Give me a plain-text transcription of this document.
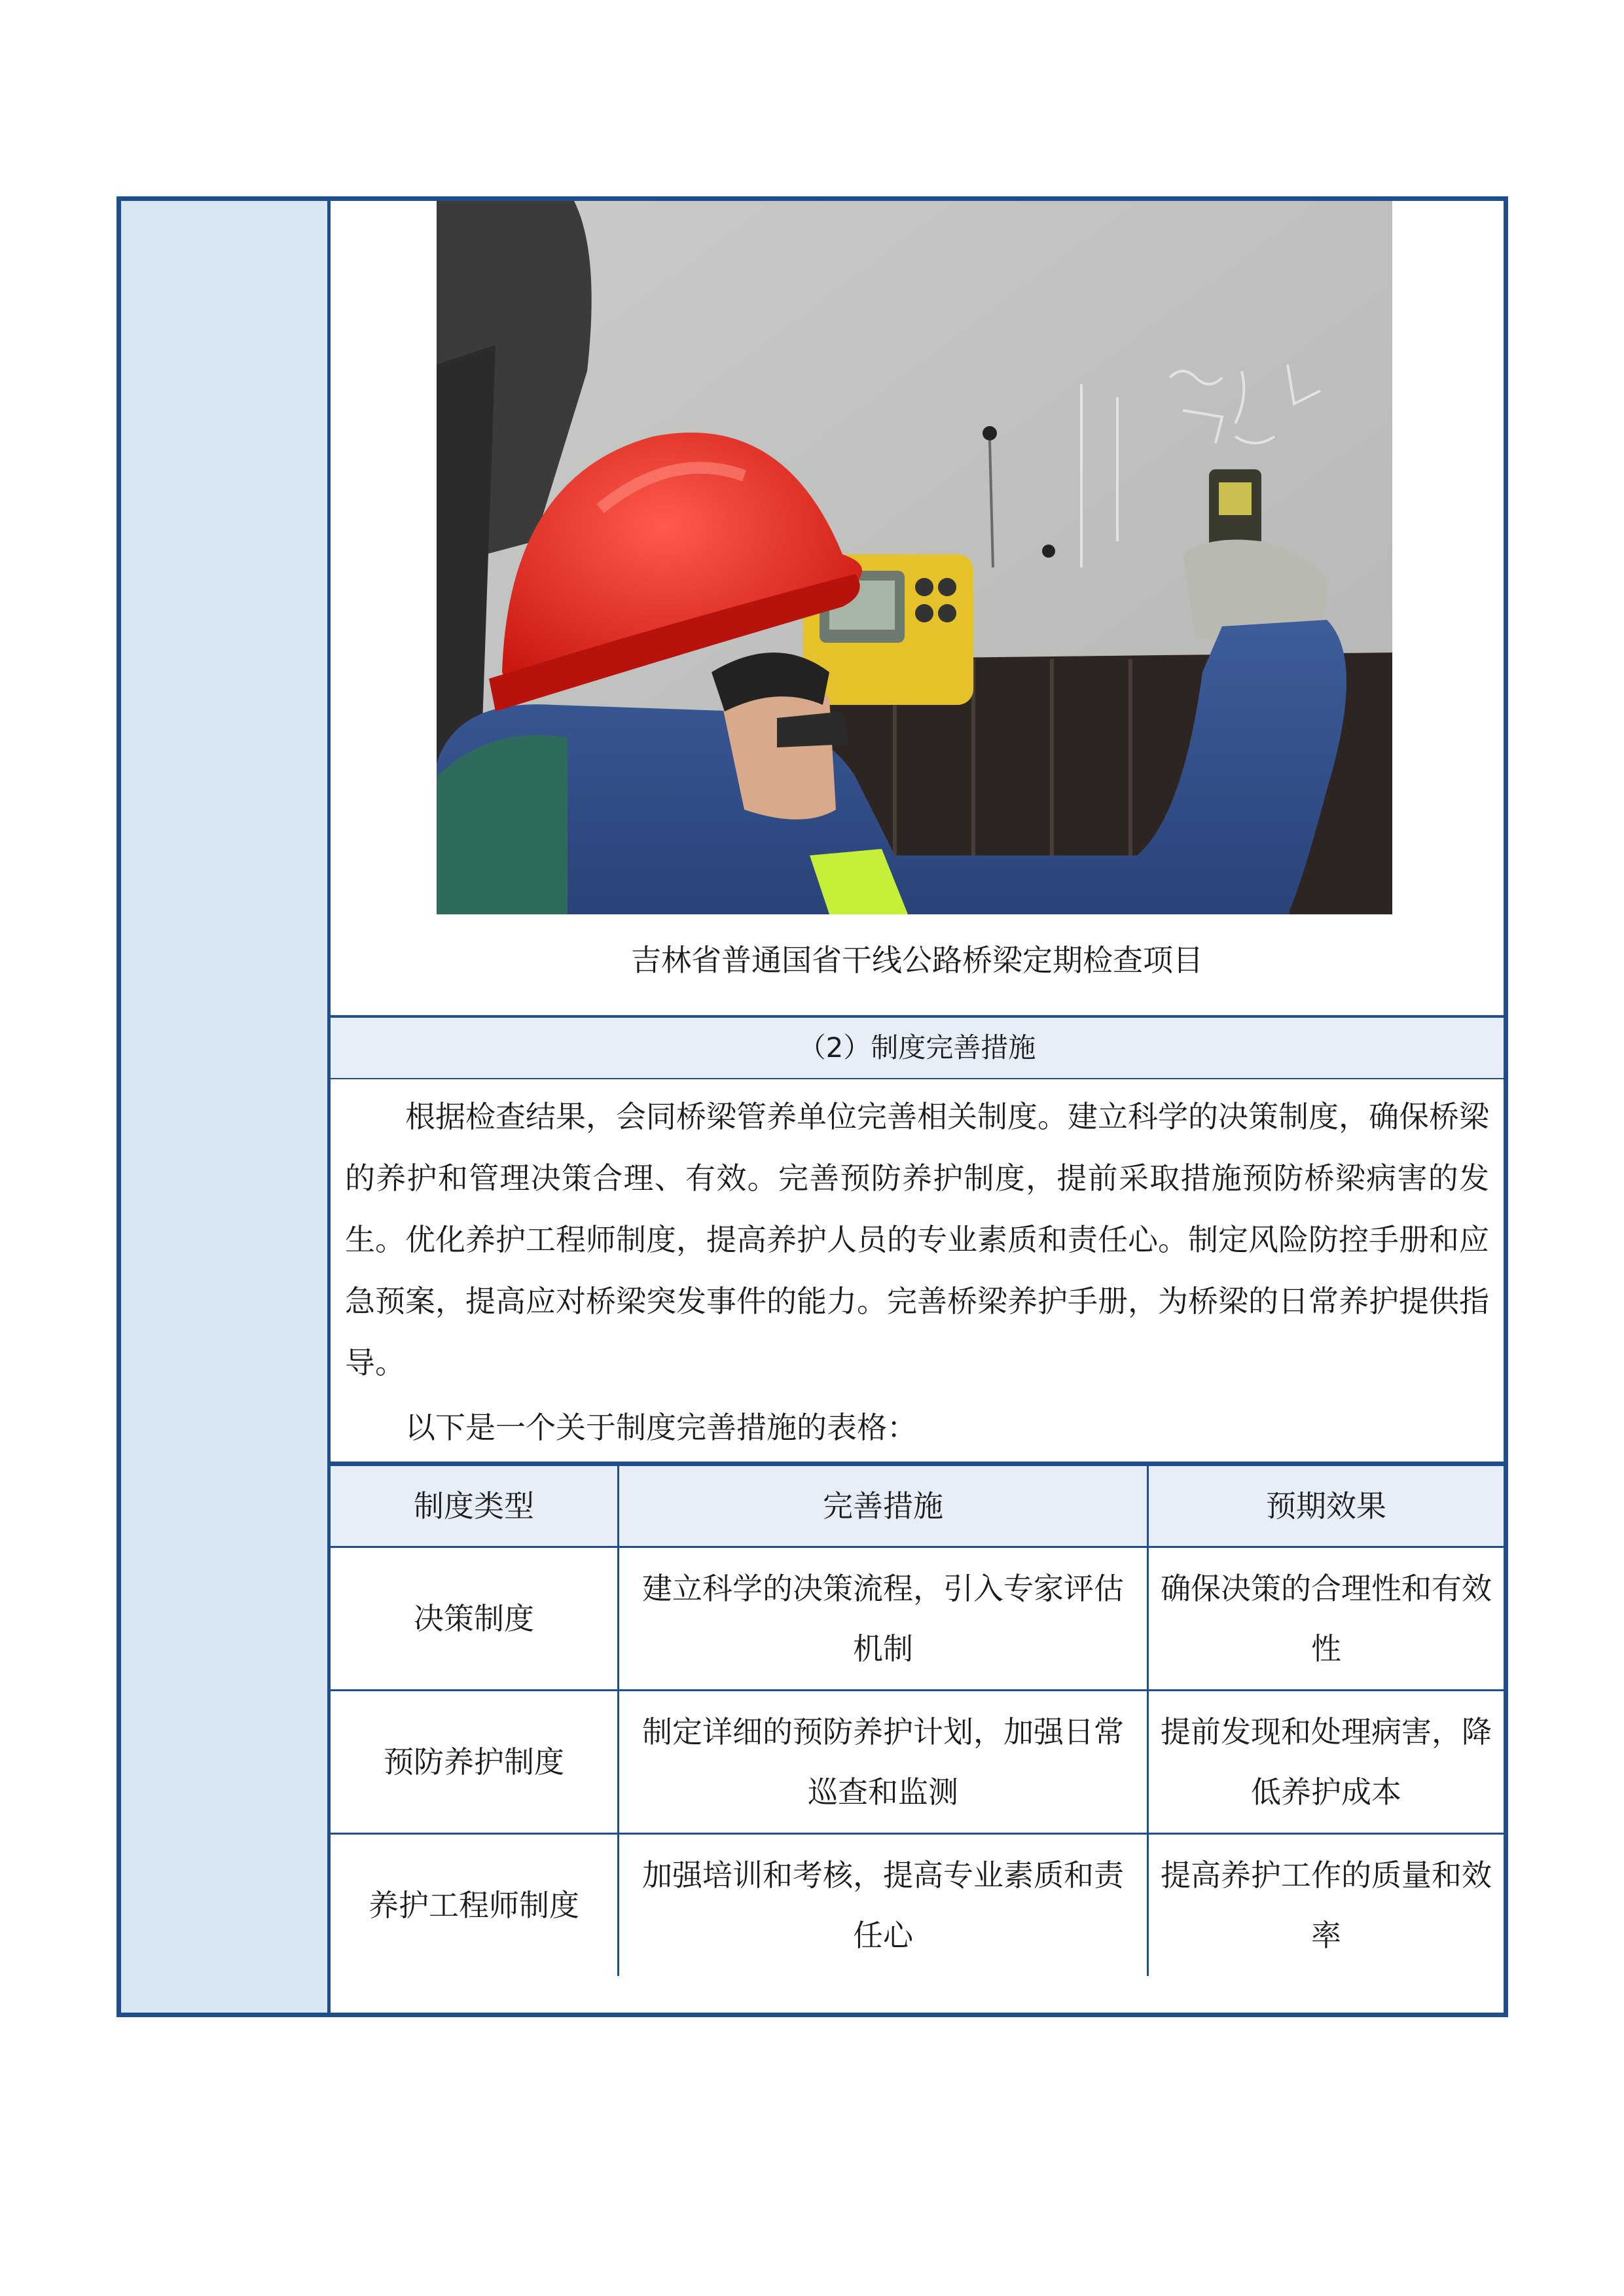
吉林省普通国省干线公路桥梁定期检查项目
（2）制度完善措施
根据检查结果，会同桥梁管养单位完善相关制度。建立科学的决策制度，确保桥梁的养护和管理决策合理、有效。完善预防养护制度，提前采取措施预防桥梁病害的发生。优化养护工程师制度，提高养护人员的专业素质和责任心。制定风险防控手册和应急预案，提高应对桥梁突发事件的能力。完善桥梁养护手册，为桥梁的日常养护提供指导。
以下是一个关于制度完善措施的表格：
制度类型	完善措施	预期效果
决策制度	建立科学的决策流程，引入专家评估机制	确保决策的合理性和有效性
预防养护制度	制定详细的预防养护计划，加强日常巡查和监测	提前发现和处理病害，降低养护成本
养护工程师制度	加强培训和考核，提高专业素质和责任心	提高养护工作的质量和效率
